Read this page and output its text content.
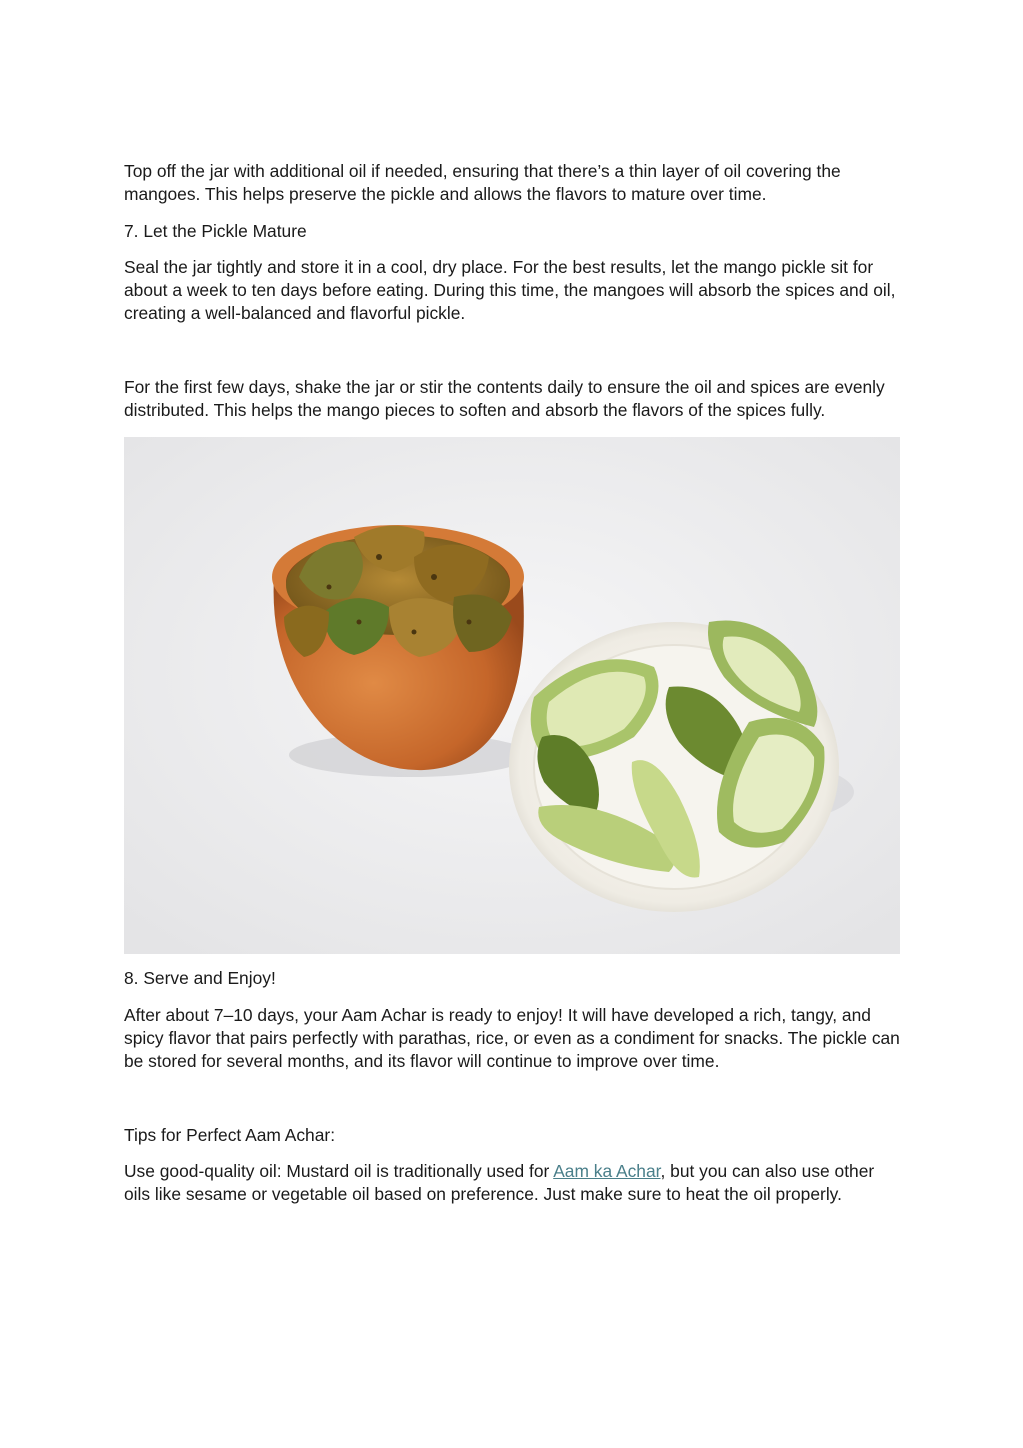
Top off the jar with additional oil if needed, ensuring that there’s a thin layer of oil covering the mangoes. This helps preserve the pickle and allows the flavors to mature over time.

7. Let the Pickle Mature

Seal the jar tightly and store it in a cool, dry place. For the best results, let the mango pickle sit for about a week to ten days before eating. During this time, the mangoes will absorb the spices and oil, creating a well-balanced and flavorful pickle.

For the first few days, shake the jar or stir the contents daily to ensure the oil and spices are evenly distributed. This helps the mango pieces to soften and absorb the flavors of the spices fully.

8. Serve and Enjoy!

After about 7–10 days, your Aam Achar is ready to enjoy! It will have developed a rich, tangy, and spicy flavor that pairs perfectly with parathas, rice, or even as a condiment for snacks. The pickle can be stored for several months, and its flavor will continue to improve over time.

Tips for Perfect Aam Achar:

Use good-quality oil: Mustard oil is traditionally used for Aam ka Achar, but you can also use other oils like sesame or vegetable oil based on preference. Just make sure to heat the oil properly.
